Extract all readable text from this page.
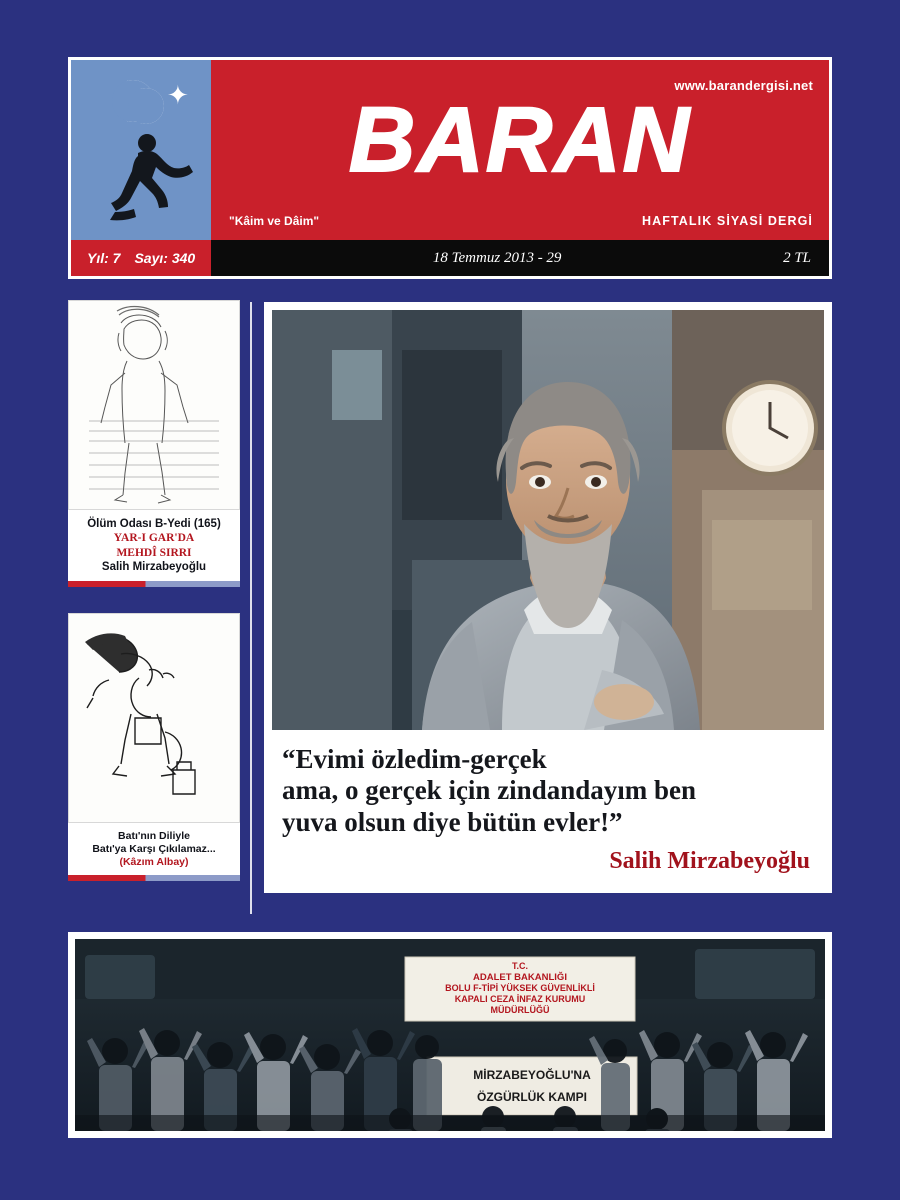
✦	www.barandergisi.net
BARAN
"Kâim ve Dâim"	HAFTALIK SİYASİ DERGİ
Yıl: 7 Sayı: 340	18 Temmuz 2013 - 29	2 TL
Ölüm Odası B-Yedi (165)
YAR-I GAR'DA
MEHDÎ SIRRI
Salih Mirzabeyoğlu
Batı'nın Diliyle
Batı'ya Karşı Çıkılamaz...
(Kâzım Albay)
“Evimi özledim-gerçek
ama, o gerçek için zindandayım ben
yuva olsun diye bütün evler!”
Salih Mirzabeyoğlu
T.C.
ADALET BAKANLIĞI
BOLU F-TİPİ YÜKSEK GÜVENLİKLİ
KAPALI CEZA İNFAZ KURUMU
MÜDÜRLÜĞÜ
MİRZABEYOĞLU'NA
ÖZGÜRLÜK KAMPI
